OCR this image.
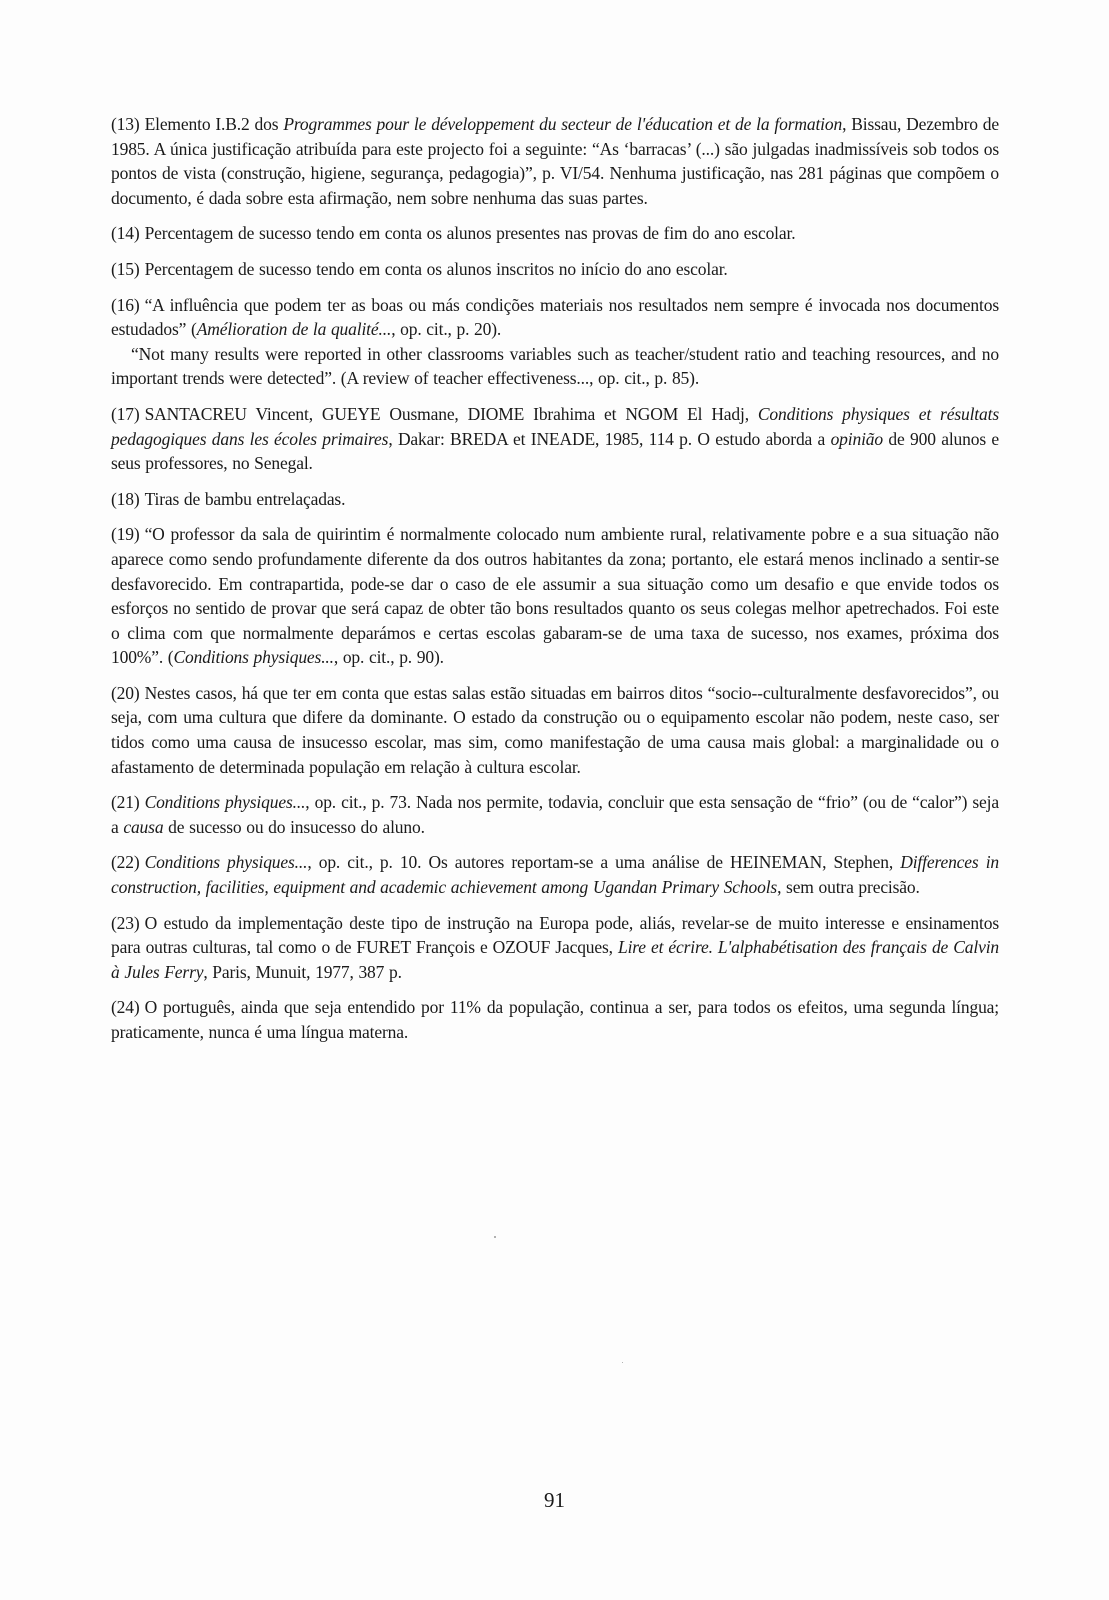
(13) Elemento I.B.2 dos Programmes pour le développement du secteur de l'éducation et de la formation, Bissau, Dezembro de 1985. A única justificação atribuída para este projecto foi a seguinte: “As ‘barracas’ (...) são julgadas inadmissíveis sob todos os pontos de vista (construção, higiene, segurança, pedagogia)”, p. VI/54. Nenhuma justificação, nas 281 páginas que compõem o documento, é dada sobre esta afirmação, nem sobre nenhuma das suas partes.

(14) Percentagem de sucesso tendo em conta os alunos presentes nas provas de fim do ano escolar.

(15) Percentagem de sucesso tendo em conta os alunos inscritos no início do ano escolar.

(16) “A influência que podem ter as boas ou más condições materiais nos resultados nem sempre é invocada nos documentos estudados” (Amélioration de la qualité..., op. cit., p. 20).
“Not many results were reported in other classrooms variables such as teacher/student ratio and teaching resources, and no important trends were detected”. (A review of teacher effectiveness..., op. cit., p. 85).

(17) SANTACREU Vincent, GUEYE Ousmane, DIOME Ibrahima et NGOM El Hadj, Conditions physiques et résultats pedagogiques dans les écoles primaires, Dakar: BREDA et INEADE, 1985, 114 p. O estudo aborda a opinião de 900 alunos e seus professores, no Senegal.

(18) Tiras de bambu entrelaçadas.

(19) “O professor da sala de quirintim é normalmente colocado num ambiente rural, relativamente pobre e a sua situação não aparece como sendo profundamente diferente da dos outros habitantes da zona; portanto, ele estará menos inclinado a sentir-se desfavorecido. Em contrapartida, pode-se dar o caso de ele assumir a sua situação como um desafio e que envide todos os esforços no sentido de provar que será capaz de obter tão bons resultados quanto os seus colegas melhor apetrechados. Foi este o clima com que normalmente deparámos e certas escolas gabaram-se de uma taxa de sucesso, nos exames, próxima dos 100%”. (Conditions physiques..., op. cit., p. 90).

(20) Nestes casos, há que ter em conta que estas salas estão situadas em bairros ditos “socio--culturalmente desfavorecidos”, ou seja, com uma cultura que difere da dominante. O estado da construção ou o equipamento escolar não podem, neste caso, ser tidos como uma causa de insucesso escolar, mas sim, como manifestação de uma causa mais global: a marginalidade ou o afastamento de determinada população em relação à cultura escolar.

(21) Conditions physiques..., op. cit., p. 73. Nada nos permite, todavia, concluir que esta sensação de “frio” (ou de “calor”) seja a causa de sucesso ou do insucesso do aluno.

(22) Conditions physiques..., op. cit., p. 10. Os autores reportam-se a uma análise de HEINEMAN, Stephen, Differences in construction, facilities, equipment and academic achievement among Ugandan Primary Schools, sem outra precisão.

(23) O estudo da implementação deste tipo de instrução na Europa pode, aliás, revelar-se de muito interesse e ensinamentos para outras culturas, tal como o de FURET François e OZOUF Jacques, Lire et écrire. L'alphabétisation des français de Calvin à Jules Ferry, Paris, Munuit, 1977, 387 p.

(24) O português, ainda que seja entendido por 11% da população, continua a ser, para todos os efeitos, uma segunda língua; praticamente, nunca é uma língua materna.

91
